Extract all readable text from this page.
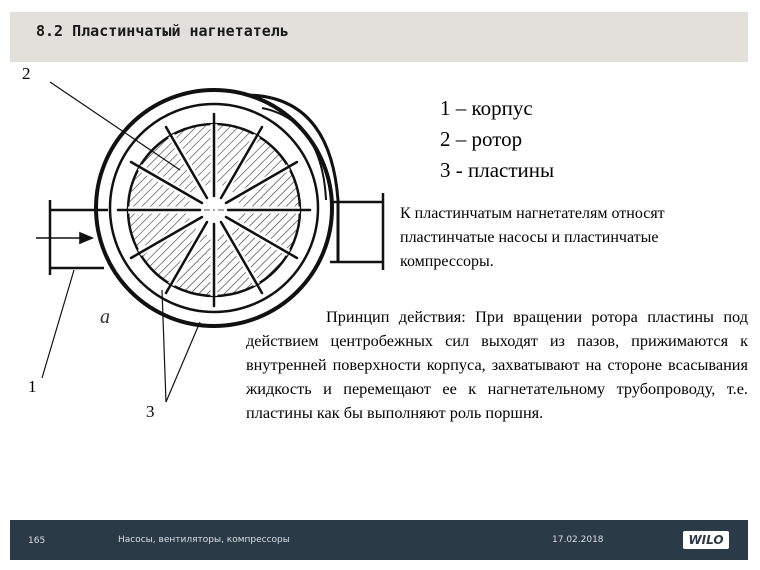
8.2 Пластинчатый нагнетатель
2
1
3
a
1 – корпус
2 – ротор
3 - пластины
К пластинчатым нагнетателям относят пластинчатые насосы и пластинчатые компрессоры.
Принцип действия: При вращении ротора пластины под действием центробежных сил выходят из пазов, прижимаются к внутренней поверхности корпуса, захватывают на стороне всасывания жидкость и перемещают ее к нагнетательному трубопроводу, т.е. пластины как бы выполняют роль поршня.
165	Насосы, вентиляторы, компрессоры	17.02.2018	WILO
